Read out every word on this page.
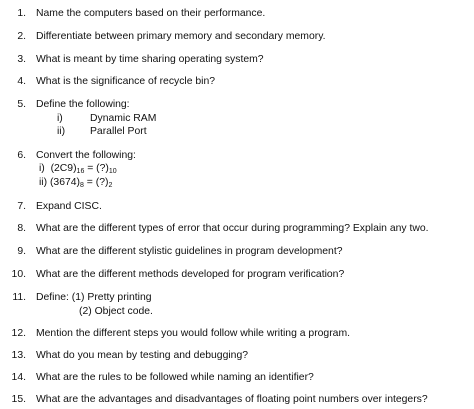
1. Name the computers based on their performance.
2. Differentiate between primary memory and secondary memory.
3. What is meant by time sharing operating system?
4. What is the significance of recycle bin?
5. Define the following:
i)	Dynamic RAM
ii) Parallel Port
6. Convert the following:
i) $(2C9)_{16}$ = $(?)_{10}$
ii) $(3674)_8$ = $(?)_2$
7. Expand CISC.
8. What are the different types of error that occur during programming? Explain any two.
9. What are the different stylistic guidelines in program development?
10. What are the different methods developed for program verification?
11. Define: (1) Pretty printing
(2) Object code.
12. Mention the different steps you would follow while writing a program.
13. What do you mean by testing and debugging?
14. What are the rules to be followed while naming an identifier?
15. What are the advantages and disadvantages of floating point numbers over integers?
